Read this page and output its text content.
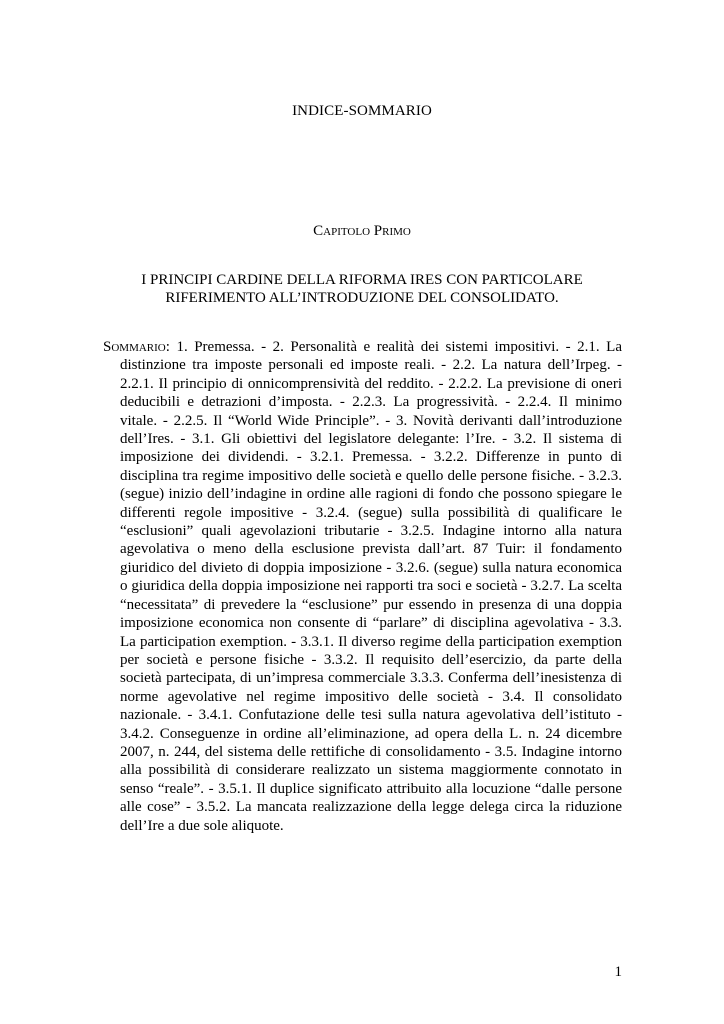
INDICE-SOMMARIO
Capitolo Primo
I PRINCIPI CARDINE DELLA RIFORMA IRES CON PARTICOLARE
RIFERIMENTO ALL’INTRODUZIONE DEL CONSOLIDATO.
Sommario: 1. Premessa. - 2. Personalità e realità dei sistemi impositivi. - 2.1. La distinzione tra imposte personali ed imposte reali. - 2.2. La natura dell’Irpeg. - 2.2.1. Il principio di onnicomprensività del reddito. - 2.2.2. La previsione di oneri deducibili e detrazioni d’imposta. - 2.2.3. La progressività. - 2.2.4. Il minimo vitale. - 2.2.5. Il “World Wide Principle”. - 3. Novità derivanti dall’introduzione dell’Ires. - 3.1. Gli obiettivi del legislatore delegante: l’Ire. - 3.2. Il sistema di imposizione dei dividendi. - 3.2.1. Premessa. - 3.2.2. Differenze in punto di disciplina tra regime impositivo delle società e quello delle persone fisiche. - 3.2.3. (segue) inizio dell’indagine in ordine alle ragioni di fondo che possono spiegare le differenti regole impositive - 3.2.4. (segue) sulla possibilità di qualificare le “esclusioni” quali agevolazioni tributarie - 3.2.5. Indagine intorno alla natura agevolativa o meno della esclusione prevista dall’art. 87 Tuir: il fondamento giuridico del divieto di doppia imposizione - 3.2.6. (segue) sulla natura economica o giuridica della doppia imposizione nei rapporti tra soci e società - 3.2.7. La scelta “necessitata” di prevedere la “esclusione” pur essendo in presenza di una doppia imposizione economica non consente di “parlare” di disciplina agevolativa - 3.3. La participation exemption. - 3.3.1. Il diverso regime della participation exemption per società e persone fisiche - 3.3.2. Il requisito dell’esercizio, da parte della società partecipata, di un’impresa commerciale 3.3.3. Conferma dell’inesistenza di norme agevolative nel regime impositivo delle società - 3.4. Il consolidato nazionale. - 3.4.1. Confutazione delle tesi sulla natura agevolativa dell’istituto - 3.4.2. Conseguenze in ordine all’eliminazione, ad opera della L. n. 24 dicembre 2007, n. 244, del sistema delle rettifiche di consolidamento - 3.5. Indagine intorno alla possibilità di considerare realizzato un sistema maggiormente connotato in senso “reale”. - 3.5.1. Il duplice significato attribuito alla locuzione “dalle persone alle cose” - 3.5.2. La mancata realizzazione della legge delega circa la riduzione dell’Ire a due sole aliquote.
1
